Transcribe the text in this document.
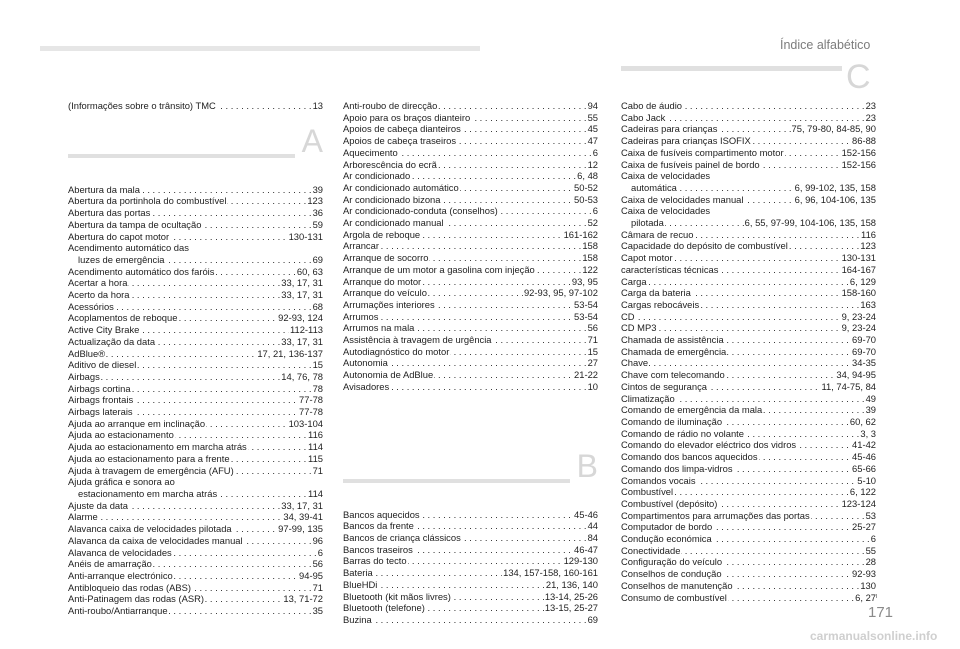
Índice alfabético
C
(Informações sobre o trânsito) TMC	13
. . .
A
Abertura da mala	39
. . .
Abertura da portinhola do combustível	123
. . .
Abertura das portas	36
. . .
Abertura da tampa de ocultação	59
. . .
Abertura do capot motor	130-131
. . .
Acendimento automático das
luzes de emergência	69
. . .
Acendimento automático dos faróis	60, 63
. . .
Acertar a hora	33, 17, 31
. . .
Acerto da hora	33, 17, 31
. . .
Acessórios	68
. . .
Acoplamentos de reboque	92-93, 124
. . .
Active City Brake	112-113
. . .
Actualização da data	33, 17, 31
. . .
AdBlue®	17, 21, 136-137
. . .
Aditivo de diesel	15
. . .
Airbags	14, 76, 78
. . .
Airbags cortina	78
. . .
Airbags frontais	77-78
. . .
Airbags laterais	77-78
. . .
Ajuda ao arranque em inclinação	103-104
. . .
Ajuda ao estacionamento	116
. . .
Ajuda ao estacionamento em marcha atrás	114
. . .
Ajuda ao estacionamento para a frente	115
. . .
Ajuda à travagem de emergência (AFU)	71
. . .
Ajuda gráfica e sonora ao
estacionamento em marcha atrás	114
. . .
Ajuste da data	33, 17, 31
. . .
Alarme	34, 39-41
. . .
Alavanca caixa de velocidades pilotada	97-99, 135
. . .
Alavanca da caixa de velocidades manual	96
. . .
Alavanca de velocidades	6
. . .
Anéis de amarração	56
. . .
Anti-arranque electrónico	94-95
. . .
Antibloqueio das rodas (ABS)	71
. . .
Anti-Patinagem das rodas (ASR)	13, 71-72
. . .
Anti-roubo/Antiarranque	35
. . .
Anti-roubo de direcção	94
. . .
Apoio para os braços dianteiro	55
. . .
Apoios de cabeça dianteiros	45
. . .
Apoios de cabeça traseiros	47
. . .
Aquecimento	6
. . .
Arborescência do ecrã	12
. . .
Ar condicionado	6, 48
. . .
Ar condicionado automático	50-52
. . .
Ar condicionado bizona	50-53
. . .
Ar condicionado-conduta (conselhos)	6
. . .
Ar condicionado manual	52
. . .
Argola de reboque	161-162
. . .
Arrancar	158
. . .
Arranque de socorro	158
. . .
Arranque de um motor a gasolina com injeção	122
. . .
Arranque do motor	93, 95
. . .
Arranque do veículo	92-93, 95, 97-102
. . .
Arrumações interiores	53-54
. . .
Arrumos	53-54
. . .
Arrumos na mala	56
. . .
Assistência à travagem de urgência	71
. . .
Autodiagnóstico do motor	15
. . .
Autonomia	27
. . .
Autonomia de AdBlue	21-22
. . .
Avisadores	10
. . .
B
Bancos aquecidos	45-46
. . .
Bancos da frente	44
. . .
Bancos de criança clássicos	84
. . .
Bancos traseiros	46-47
. . .
Barras do tecto	129-130
. . .
Bateria	134, 157-158, 160-161
. . .
BlueHDi	21, 136, 140
. . .
Bluetooth (kit mãos livres)	13-14, 25-26
. . .
Bluetooth (telefone)	13-15, 25-27
. . .
Buzina	69
. . .
Cabo de áudio	23
. . .
Cabo Jack	23
. . .
Cadeiras para crianças	75, 79-80, 84-85, 90
. . .
Cadeiras para crianças ISOFIX	86-88
. . .
Caixa de fusíveis compartimento motor	152-156
. . .
Caixa de fusíveis painel de bordo	152-156
. . .
Caixa de velocidades
automática	6, 99-102, 135, 158
. . .
Caixa de velocidades manual	6, 96, 104-106, 135
. . .
Caixa de velocidades
pilotada	6, 55, 97-99, 104-106, 135, 158
. . .
Câmara de recuo	116
. . .
Capacidade do depósito de combustível	123
. . .
Capot motor	130-131
. . .
características técnicas	164-167
. . .
Carga	6, 129
. . .
Carga da bateria	158-160
. . .
Cargas rebocáveis	163
. . .
CD	9, 23-24
. . .
CD MP3	9, 23-24
. . .
Chamada de assistência	69-70
. . .
Chamada de emergência	69-70
. . .
Chave	34-35
. . .
Chave com telecomando	34, 94-95
. . .
Cintos de segurança	11, 74-75, 84
. . .
Climatização	49
. . .
Comando de emergência da mala	39
. . .
Comando de iluminação	60, 62
. . .
Comando de rádio no volante	3, 3
. . .
Comando do elevador eléctrico dos vidros	41-42
. . .
Comando dos bancos aquecidos	45-46
. . .
Comando dos limpa-vidros	65-66
. . .
Comandos vocais	5-10
. . .
Combustível	6, 122
. . .
Combustível (depósito)	123-124
. . .
Compartimentos para arrumações das portas	53
. . .
Computador de bordo	25-27
. . .
Condução económica	6
. . .
Conectividade	55
. . .
Configuração do veículo	28
. . .
Conselhos de condução	92-93
. . .
Conselhos de manutenção	130
. . .
Consumo de combustível	6, 27
. . .
171
carmanualsonline.info
